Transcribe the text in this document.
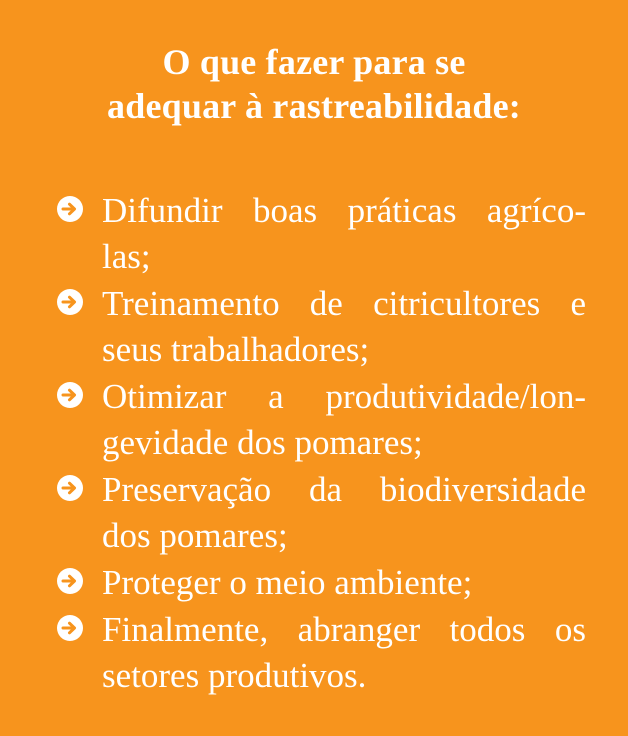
O que fazer para se
adequar à rastreabilidade:
Difundir boas práticas agríco-
las;
Treinamento de citricultores e
seus trabalhadores;
Otimizar a produtividade/lon-
gevidade dos pomares;
Preservação da biodiversidade
dos pomares;
Proteger o meio ambiente;
Finalmente, abranger todos os
setores produtivos.
